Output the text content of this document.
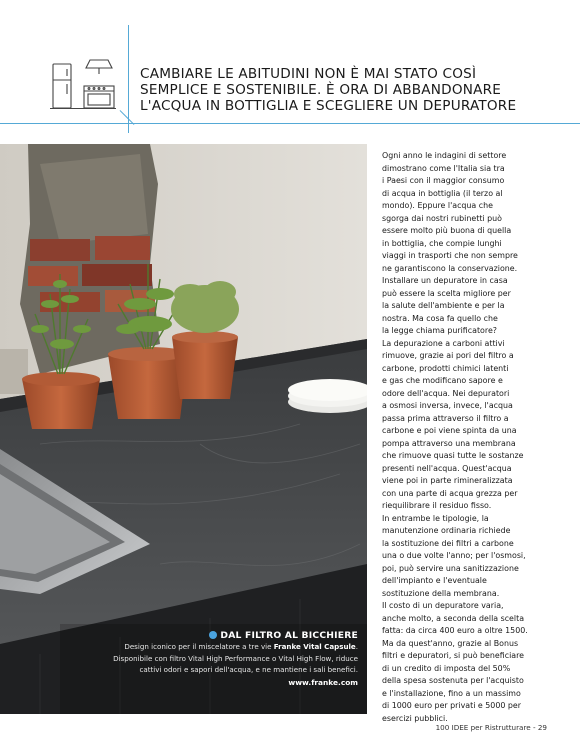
CAMBIARE LE ABITUDINI NON È MAI STATO COSÌ
SEMPLICE E SOSTENIBILE. È ORA DI ABBANDONARE
L'ACQUA IN BOTTIGLIA E SCEGLIERE UN DEPURATORE
DAL FILTRO AL BICCHIERE
Design iconico per il miscelatore a tre vie Franke Vital Capsule.
Disponibile con filtro Vital High Performance o Vital High Flow, riduce
cattivi odori e sapori dell'acqua, e ne mantiene i sali benefici.
www.franke.com
Ogni anno le indagini di settore
dimostrano come l'Italia sia tra
i Paesi con il maggior consumo
di acqua in bottiglia (il terzo al
mondo). Eppure l'acqua che
sgorga dai nostri rubinetti può
essere molto più buona di quella
in bottiglia, che compie lunghi
viaggi in trasporti che non sempre
ne garantiscono la conservazione.
Installare un depuratore in casa
può essere la scelta migliore per
la salute dell'ambiente e per la
nostra. Ma cosa fa quello che
la legge chiama purificatore?
La depurazione a carboni attivi
rimuove, grazie ai pori del filtro a
carbone, prodotti chimici latenti
e gas che modificano sapore e
odore dell'acqua. Nei depuratori
a osmosi inversa, invece, l'acqua
passa prima attraverso il filtro a
carbone e poi viene spinta da una
pompa attraverso una membrana
che rimuove quasi tutte le sostanze
presenti nell'acqua. Quest'acqua
viene poi in parte rimineralizzata
con una parte di acqua grezza per
riequilibrare il residuo fisso.
In entrambe le tipologie, la
manutenzione ordinaria richiede
la sostituzione dei filtri a carbone
una o due volte l'anno; per l'osmosi,
poi, può servire una sanitizzazione
dell'impianto e l'eventuale
sostituzione della membrana.
Il costo di un depuratore varia,
anche molto, a seconda della scelta
fatta: da circa 400 euro a oltre 1500.
Ma da quest'anno, grazie al Bonus
filtri e depuratori, si può beneficiare
di un credito di imposta del 50%
della spesa sostenuta per l'acquisto
e l'installazione, fino a un massimo
di 1000 euro per privati e 5000 per
esercizi pubblici.
100 IDEE per Ristrutturare - 29
